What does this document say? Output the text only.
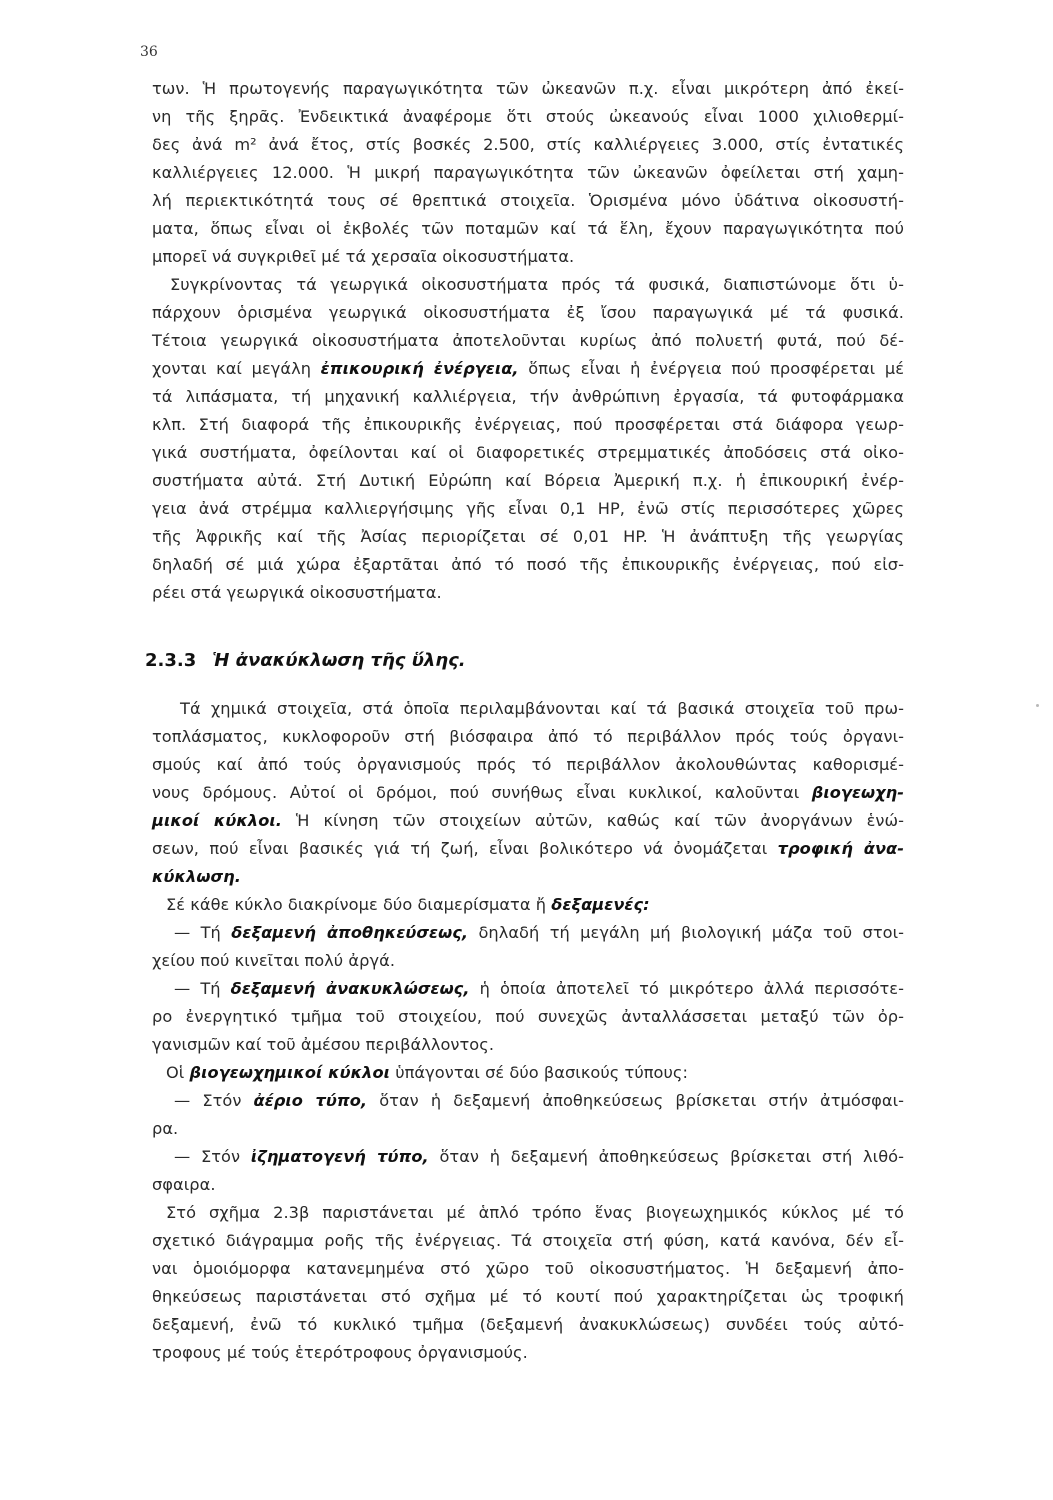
36
των. Ἡ πρωτογενής παραγωγικότητα τῶν ὠκεανῶν π.χ. εἶναι μικρότερη ἀπό ἐκεί-
νη τῆς ξηρᾶς. Ἐνδεικτικά ἀναφέρομε ὅτι στούς ὠκεανούς εἶναι 1000 χιλιοθερμί-
δες ἀνά m² ἀνά ἔτος, στίς βοσκές 2.500, στίς καλλιέργειες 3.000, στίς ἐντατικές
καλλιέργειες 12.000. Ἡ μικρή παραγωγικότητα τῶν ὠκεανῶν ὀφείλεται στή χαμη-
λή περιεκτικότητά τους σέ θρεπτικά στοιχεῖα. Ὁρισμένα μόνο ὑδάτινα οἰκοσυστή-
ματα, ὅπως εἶναι οἱ ἐκβολές τῶν ποταμῶν καί τά ἕλη, ἔχουν παραγωγικότητα πού
μπορεῖ νά συγκριθεῖ μέ τά χερσαῖα οἰκοσυστήματα.
Συγκρίνοντας τά γεωργικά οἰκοσυστήματα πρός τά φυσικά, διαπιστώνομε ὅτι ὑ-
πάρχουν ὁρισμένα γεωργικά οἰκοσυστήματα ἐξ ἴσου παραγωγικά μέ τά φυσικά.
Τέτοια γεωργικά οἰκοσυστήματα ἀποτελοῦνται κυρίως ἀπό πολυετή φυτά, πού δέ-
χονται καί μεγάλη ἐπικουρική ἐνέργεια, ὅπως εἶναι ἡ ἐνέργεια πού προσφέρεται μέ
τά λιπάσματα, τή μηχανική καλλιέργεια, τήν ἀνθρώπινη ἐργασία, τά φυτοφάρμακα
κλπ. Στή διαφορά τῆς ἐπικουρικῆς ἐνέργειας, πού προσφέρεται στά διάφορα γεωρ-
γικά συστήματα, ὀφείλονται καί οἱ διαφορετικές στρεμματικές ἀποδόσεις στά οἰκο-
συστήματα αὐτά. Στή Δυτική Εὐρώπη καί Βόρεια Ἀμερική π.χ. ἡ ἐπικουρική ἐνέρ-
γεια ἀνά στρέμμα καλλιεργήσιμης γῆς εἶναι 0,1 HP, ἐνῶ στίς περισσότερες χῶρες
τῆς Ἀφρικῆς καί τῆς Ἀσίας περιορίζεται σέ 0,01 HP. Ἡ ἀνάπτυξη τῆς γεωργίας
δηλαδή σέ μιά χώρα ἐξαρτᾶται ἀπό τό ποσό τῆς ἐπικουρικῆς ἐνέργειας, πού εἰσ-
ρέει στά γεωργικά οἰκοσυστήματα.
2.3.3 Ἡ ἀνακύκλωση τῆς ὕλης.
Τά χημικά στοιχεῖα, στά ὁποῖα περιλαμβάνονται καί τά βασικά στοιχεῖα τοῦ πρω-
τοπλάσματος, κυκλοφοροῦν στή βιόσφαιρα ἀπό τό περιβάλλον πρός τούς ὀργανι-
σμούς καί ἀπό τούς ὀργανισμούς πρός τό περιβάλλον ἀκολουθώντας καθορισμέ-
νους δρόμους. Αὐτοί οἱ δρόμοι, πού συνήθως εἶναι κυκλικοί, καλοῦνται βιογεωχη-
μικοί κύκλοι. Ἡ κίνηση τῶν στοιχείων αὐτῶν, καθώς καί τῶν ἀνοργάνων ἑνώ-
σεων, πού εἶναι βασικές γιά τή ζωή, εἶναι βολικότερο νά ὀνομάζεται τροφική ἀνα-
κύκλωση.
Σέ κάθε κύκλο διακρίνομε δύο διαμερίσματα ἤ δεξαμενές:
— Τή δεξαμενή ἀποθηκεύσεως, δηλαδή τή μεγάλη μή βιολογική μάζα τοῦ στοι-
χείου πού κινεῖται πολύ ἀργά.
— Τή δεξαμενή ἀνακυκλώσεως, ἡ ὁποία ἀποτελεῖ τό μικρότερο ἀλλά περισσότε-
ρο ἐνεργητικό τμῆμα τοῦ στοιχείου, πού συνεχῶς ἀνταλλάσσεται μεταξύ τῶν ὀρ-
γανισμῶν καί τοῦ ἀμέσου περιβάλλοντος.
Οἱ βιογεωχημικοί κύκλοι ὑπάγονται σέ δύο βασικούς τύπους:
— Στόν ἀέριο τύπο, ὅταν ἡ δεξαμενή ἀποθηκεύσεως βρίσκεται στήν ἀτμόσφαι-
ρα.
— Στόν ἰζηματογενή τύπο, ὅταν ἡ δεξαμενή ἀποθηκεύσεως βρίσκεται στή λιθό-
σφαιρα.
Στό σχῆμα 2.3β παριστάνεται μέ ἁπλό τρόπο ἕνας βιογεωχημικός κύκλος μέ τό
σχετικό διάγραμμα ροῆς τῆς ἐνέργειας. Τά στοιχεῖα στή φύση, κατά κανόνα, δέν εἶ-
ναι ὁμοιόμορφα κατανεμημένα στό χῶρο τοῦ οἰκοσυστήματος. Ἡ δεξαμενή ἀπο-
θηκεύσεως παριστάνεται στό σχῆμα μέ τό κουτί πού χαρακτηρίζεται ὡς τροφική
δεξαμενή, ἐνῶ τό κυκλικό τμῆμα (δεξαμενή ἀνακυκλώσεως) συνδέει τούς αὐτό-
τροφους μέ τούς ἑτερότροφους ὀργανισμούς.
